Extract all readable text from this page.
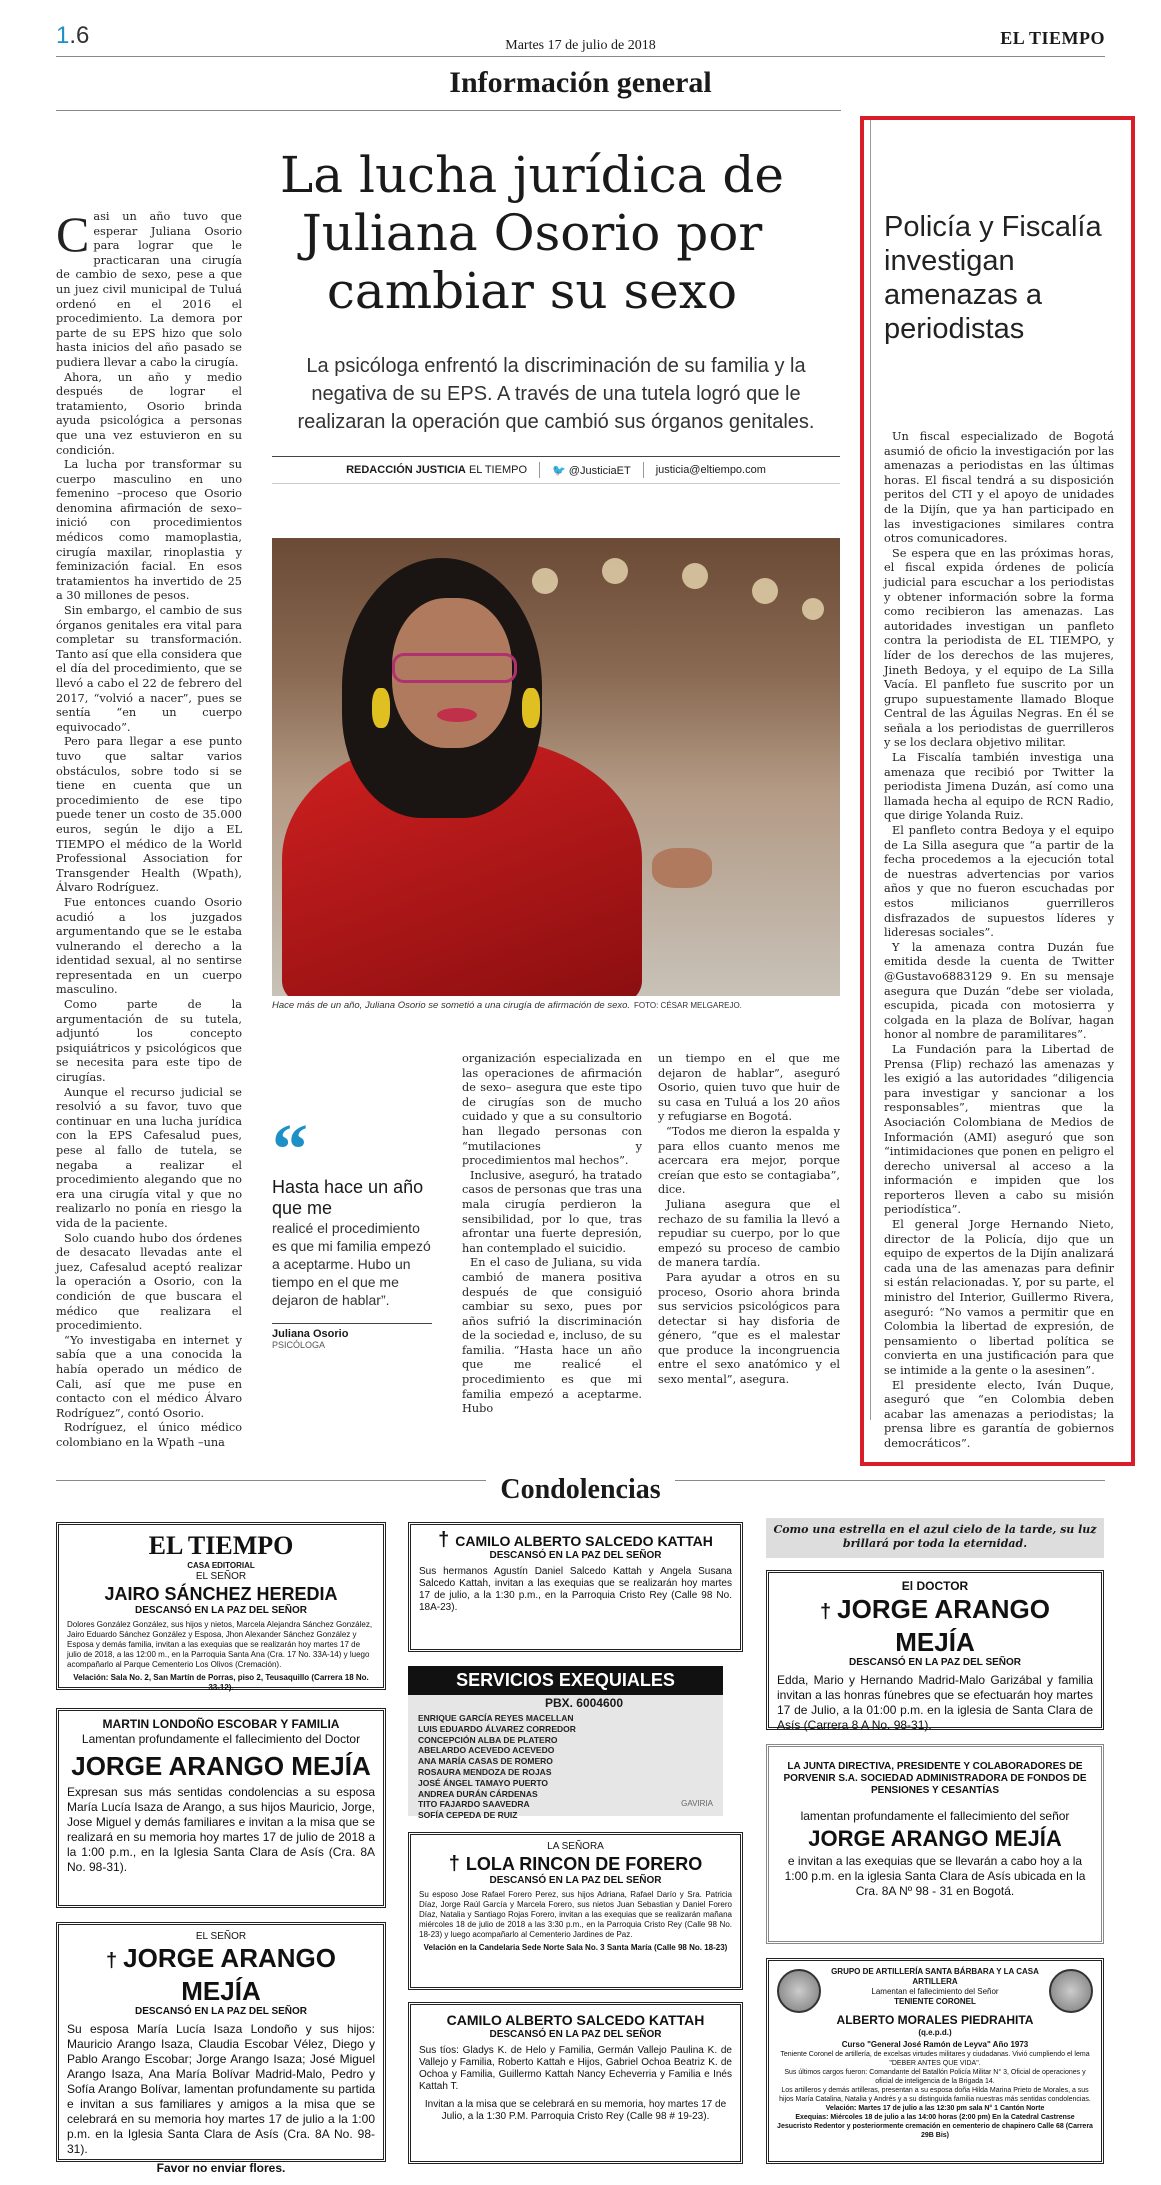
1.6	Martes 17 de julio de 2018	EL TIEMPO
Información general
La lucha jurídica de Juliana Osorio por cambiar su sexo
La psicóloga enfrentó la discriminación de su familia y la negativa de su EPS. A través de una tutela logró que le realizaran la operación que cambió sus órganos genitales.
REDACCIÓN JUSTICIA EL TIEMPO 🐦 @JusticiaET justicia@eltiempo.com
Hace más de un año, Juliana Osorio se sometió a una cirugía de afirmación de sexo. FOTO: CÉSAR MELGAREJO.
C asi un año tuvo que esperar Juliana Osorio para lograr que le practicaran una cirugía de cambio de sexo, pese a que un juez civil municipal de Tuluá ordenó en el 2016 el procedimiento. La demora por parte de su EPS hizo que solo hasta inicios del año pasado se pudiera llevar a cabo la cirugía.

Ahora, un año y medio después de lograr el tratamiento, Osorio brinda ayuda psicológica a personas que una vez estuvieron en su condición.

La lucha por transformar su cuerpo masculino en uno femenino –proceso que Osorio denomina afirmación de sexo– inició con procedimientos médicos como mamoplastia, cirugía maxilar, rinoplastia y feminización facial. En esos tratamientos ha invertido de 25 a 30 millones de pesos.

Sin embargo, el cambio de sus órganos genitales era vital para completar su transformación. Tanto así que ella considera que el día del procedimiento, que se llevó a cabo el 22 de febrero del 2017, “volvió a nacer”, pues se sentía “en un cuerpo equivocado”.

Pero para llegar a ese punto tuvo que saltar varios obstáculos, sobre todo si se tiene en cuenta que un procedimiento de ese tipo puede tener un costo de 35.000 euros, según le dijo a EL TIEMPO el médico de la World Professional Association for Transgender Health (Wpath), Álvaro Rodríguez.

Fue entonces cuando Osorio acudió a los juzgados argumentando que se le estaba vulnerando el derecho a la identidad sexual, al no sentirse representada en un cuerpo masculino.

Como parte de la argumentación de su tutela, adjuntó los concepto psiquiátricos y psicológicos que se necesita para este tipo de cirugías.

Aunque el recurso judicial se resolvió a su favor, tuvo que continuar en una lucha jurídica con la EPS Cafesalud pues, pese al fallo de tutela, se negaba a realizar el procedimiento alegando que no era una cirugía vital y que no realizarlo no ponía en riesgo la vida de la paciente.

Solo cuando hubo dos órdenes de desacato llevadas ante el juez, Cafesalud aceptó realizar la operación a Osorio, con la condición de que buscara el médico que realizara el procedimiento.

“Yo investigaba en internet y sabía que a una conocida la había operado un médico de Cali, así que me puse en contacto con el médico Álvaro Rodríguez”, contó Osorio.

Rodríguez, el único médico colombiano en la Wpath –una

“
Hasta hace un año que me
realicé el procedimiento es que mi familia empezó a aceptarme. Hubo un tiempo en el que me dejaron de hablar”.
Juliana Osorio
PSICÓLOGA

organización especializada en las operaciones de afirmación de sexo– asegura que este tipo de cirugías son de mucho cuidado y que a su consultorio han llegado personas con “mutilaciones y procedimientos mal hechos”.

Inclusive, aseguró, ha tratado casos de personas que tras una mala cirugía perdieron la sensibilidad, por lo que, tras afrontar una fuerte depresión, han contemplado el suicidio.

En el caso de Juliana, su vida cambió de manera positiva después de que consiguió cambiar su sexo, pues por años sufrió la discriminación de la sociedad e, incluso, de su familia. “Hasta hace un año que me realicé el procedimiento es que mi familia empezó a aceptarme. Hubo

un tiempo en el que me dejaron de hablar”, aseguró Osorio, quien tuvo que huir de su casa en Tuluá a los 20 años y refugiarse en Bogotá.

“Todos me dieron la espalda y para ellos cuanto menos me acercara era mejor, porque creían que esto se contagiaba”, dice.

Juliana asegura que el rechazo de su familia la llevó a repudiar su cuerpo, por lo que empezó su proceso de cambio de manera tardía.

Para ayudar a otros en su proceso, Osorio ahora brinda sus servicios psicológicos para detectar si hay disforia de género, “que es el malestar que produce la incongruencia entre el sexo anatómico y el sexo mental”, asegura.

Policía y Fiscalía investigan amenazas a periodistas

Un fiscal especializado de Bogotá asumió de oficio la investigación por las amenazas a periodistas en las últimas horas. El fiscal tendrá a su disposición peritos del CTI y el apoyo de unidades de la Dijín, que ya han participado en las investigaciones similares contra otros comunicadores.

Se espera que en las próximas horas, el fiscal expida órdenes de policía judicial para escuchar a los periodistas y obtener información sobre la forma como recibieron las amenazas. Las autoridades investigan un panfleto contra la periodista de EL TIEMPO, y líder de los derechos de las mujeres, Jineth Bedoya, y el equipo de La Silla Vacía. El panfleto fue suscrito por un grupo supuestamente llamado Bloque Central de las Águilas Negras. En él se señala a los periodistas de guerrilleros y se los declara objetivo militar.

La Fiscalía también investiga una amenaza que recibió por Twitter la periodista Jimena Duzán, así como una llamada hecha al equipo de RCN Radio, que dirige Yolanda Ruiz.

El panfleto contra Bedoya y el equipo de La Silla asegura que “a partir de la fecha procedemos a la ejecución total de nuestras advertencias por varios años y que no fueron escuchadas por estos milicianos guerrilleros disfrazados de supuestos líderes y lideresas sociales”.

Y la amenaza contra Duzán fue emitida desde la cuenta de Twitter @Gustavo6883129 9. En su mensaje asegura que Duzán “debe ser violada, escupida, picada con motosierra y colgada en la plaza de Bolívar, hagan honor al nombre de paramilitares”.

La Fundación para la Libertad de Prensa (Flip) rechazó las amenazas y les exigió a las autoridades “diligencia para investigar y sancionar a los responsables”, mientras que la Asociación Colombiana de Medios de Información (AMI) aseguró que son “intimidaciones que ponen en peligro el derecho universal al acceso a la información e impiden que los reporteros lleven a cabo su misión periodística”.

El general Jorge Hernando Nieto, director de la Policía, dijo que un equipo de expertos de la Dijín analizará cada una de las amenazas para definir si están relacionadas. Y, por su parte, el ministro del Interior, Guillermo Rivera, aseguró: “No vamos a permitir que en Colombia la libertad de expresión, de pensamiento o libertad política se convierta en una justificación para que se intimide a la gente o la asesinen”.

El presidente electo, Iván Duque, aseguró que “en Colombia deben acabar las amenazas a periodistas; la prensa libre es garantía de gobiernos democráticos”.

Condolencias
EL TIEMPO
CASA EDITORIAL
EL SEÑOR
JAIRO SÁNCHEZ HEREDIA
DESCANSÓ EN LA PAZ DEL SEÑOR
Dolores González González, sus hijos y nietos, Marcela Alejandra Sánchez González, Jairo Eduardo Sánchez González y Esposa, Jhon Alexander Sánchez González y Esposa y demás familia, invitan a las exequias que se realizarán hoy martes 17 de julio de 2018, a las 12:00 m., en la Parroquia Santa Ana (Cra. 17 No. 33A-14) y luego acompañarlo al Parque Cementerio Los Olivos (Cremación).
Velación: Sala No. 2, San Martín de Porras, piso 2, Teusaquillo (Carrera 18 No. 33-12).
MARTIN LONDOÑO ESCOBAR Y FAMILIA
Lamentan profundamente el fallecimiento del Doctor
JORGE ARANGO MEJÍA
Expresan sus más sentidas condolencias a su esposa María Lucía Isaza de Arango, a sus hijos Mauricio, Jorge, Jose Miguel y demás familiares e invitan a la misa que se realizará en su memoria hoy martes 17 de julio de 2018 a la 1:00 p.m., en la Iglesia Santa Clara de Asís (Cra. 8A No. 98-31).
EL SEÑOR
† JORGE ARANGO MEJÍA
DESCANSÓ EN LA PAZ DEL SEÑOR
Su esposa María Lucía Isaza Londoño y sus hijos: Mauricio Arango Isaza, Claudia Escobar Vélez, Diego y Pablo Arango Escobar; Jorge Arango Isaza; José Miguel Arango Isaza, Ana María Bolívar Madrid-Malo, Pedro y Sofía Arango Bolívar, lamentan profundamente su partida e invitan a sus familiares y amigos a la misa que se celebrará en su memoria hoy martes 17 de julio a la 1:00 p.m. en la Iglesia Santa Clara de Asís (Cra. 8A No. 98-31).
Favor no enviar flores.
† CAMILO ALBERTO SALCEDO KATTAH
DESCANSÓ EN LA PAZ DEL SEÑOR
Sus hermanos Agustín Daniel Salcedo Kattah y Angela Susana Salcedo Kattah, invitan a las exequias que se realizarán hoy martes 17 de julio, a la 1:30 p.m., en la Parroquia Cristo Rey (Calle 98 No. 18A-23).
SERVICIOS EXEQUIALES
PBX. 6004600
ENRIQUE GARCÍA REYES MACELLAN
LUIS EDUARDO ÁLVAREZ CORREDOR
CONCEPCIÓN ALBA DE PLATERO
ABELARDO ACEVEDO ACEVEDO
ANA MARÍA CASAS DE ROMERO
ROSAURA MENDOZA DE ROJAS
JOSÉ ÁNGEL TAMAYO PUERTO
ANDREA DURÁN CÁRDENAS
TITO FAJARDO SAAVEDRA
SOFÍA CEPEDA DE RUIZ
GAVIRIA
LA SEÑORA
† LOLA RINCON DE FORERO
DESCANSÓ EN LA PAZ DEL SEÑOR
Su esposo Jose Rafael Forero Perez, sus hijos Adriana, Rafael Darío y Sra. Patricia Díaz, Jorge Raúl García y Marcela Forero, sus nietos Juan Sebastian y Daniel Forero Díaz, Natalia y Santiago Rojas Forero, invitan a las exequias que se realizarán mañana miércoles 18 de julio de 2018 a las 3:30 p.m., en la Parroquia Cristo Rey (Calle 98 No. 18-23) y luego acompañarlo al Cementerio Jardines de Paz.
Velación en la Candelaria Sede Norte Sala No. 3 Santa María (Calle 98 No. 18-23)
CAMILO ALBERTO SALCEDO KATTAH
DESCANSÓ EN LA PAZ DEL SEÑOR
Sus tíos: Gladys K. de Helo y Familia, Germán Vallejo Paulina K. de Vallejo y Familia, Roberto Kattah e Hijos, Gabriel Ochoa Beatriz K. de Ochoa y Familia, Guillermo Kattah Nancy Echeverria y Familia e Inés Kattah T.
Invitan a la misa que se celebrará en su memoria, hoy martes 17 de Julio, a la 1:30 P.M. Parroquia Cristo Rey (Calle 98 # 19-23).
Como una estrella en el azul cielo de la tarde, su luz brillará por toda la eternidad.
El DOCTOR
† JORGE ARANGO MEJÍA
DESCANSÓ EN LA PAZ DEL SEÑOR
Edda, Mario y Hernando Madrid-Malo Garizábal y familia invitan a las honras fúnebres que se efectuarán hoy martes 17 de Julio, a la 01:00 p.m. en la iglesia de Santa Clara de Asís (Carrera 8 A No. 98-31).
LA JUNTA DIRECTIVA, PRESIDENTE Y COLABORADORES DE PORVENIR S.A. SOCIEDAD ADMINISTRADORA DE FONDOS DE PENSIONES Y CESANTÍAS
lamentan profundamente el fallecimiento del señor
JORGE ARANGO MEJÍA
e invitan a las exequias que se llevarán a cabo hoy a la 1:00 p.m. en la iglesia Santa Clara de Asís ubicada en la Cra. 8A Nº 98 - 31 en Bogotá.
GRUPO DE ARTILLERÍA SANTA BÁRBARA Y LA CASA ARTILLERA
Lamentan el fallecimiento del Señor
TENIENTE CORONEL
ALBERTO MORALES PIEDRAHITA
(q.e.p.d.)
Curso "General José Ramón de Leyva" Año 1973
Teniente Coronel de artillería, de excelsas virtudes militares y ciudadanas. Vivió cumpliendo el lema "DEBER ANTES QUE VIDA".
Sus últimos cargos fueron: Comandante del Batallón Policía Militar N° 3, Oficial de operaciones y oficial de inteligencia de la Brigada 14.
Los artilleros y demás artilleras, presentan a su esposa doña Hilda Marina Prieto de Morales, a sus hijos María Catalina, Natalia y Andrés y a su distinguida familia nuestras más sentidas condolencias.
Velación: Martes 17 de julio a las 12:30 pm sala N° 1 Cantón Norte
Exequias: Miércoles 18 de julio a las 14:00 horas (2:00 pm) En la Catedral Castrense Jesucristo Redentor y posteriormente cremación en cementerio de chapinero Calle 68 (Carrera 29B Bis)
